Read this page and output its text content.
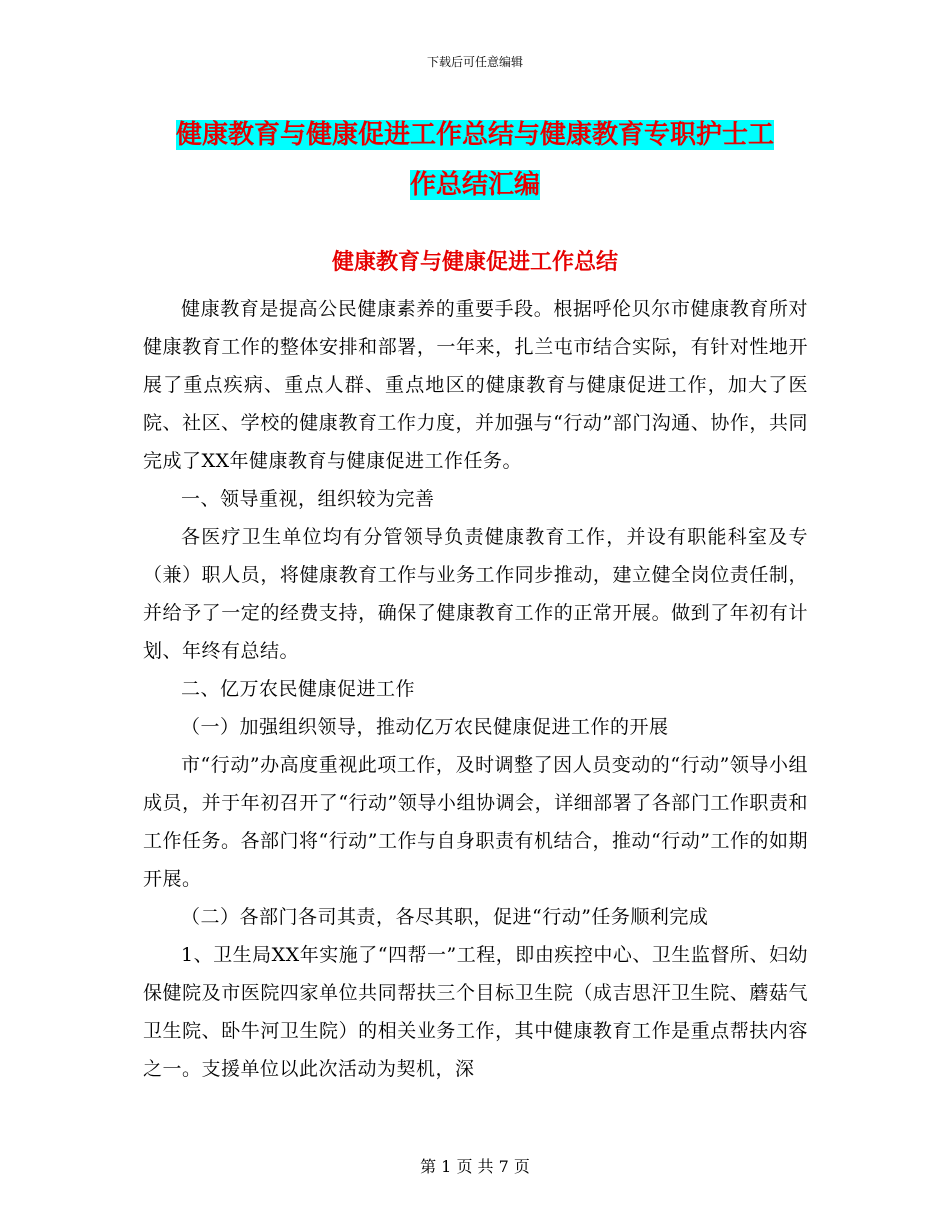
下载后可任意编辑
健康教育与健康促进工作总结与健康教育专职护士工
作总结汇编
健康教育与健康促进工作总结

健康教育是提高公民健康素养的重要手段。根据呼伦贝尔市健康教育所对健康教育工作的整体安排和部署，一年来，扎兰屯市结合实际，有针对性地开展了重点疾病、重点人群、重点地区的健康教育与健康促进工作，加大了医院、社区、学校的健康教育工作力度，并加强与“行动”部门沟通、协作，共同完成了XX年健康教育与健康促进工作任务。

一、领导重视，组织较为完善

各医疗卫生单位均有分管领导负责健康教育工作，并设有职能科室及专（兼）职人员，将健康教育工作与业务工作同步推动，建立健全岗位责任制，并给予了一定的经费支持，确保了健康教育工作的正常开展。做到了年初有计划、年终有总结。

二、亿万农民健康促进工作

（一）加强组织领导，推动亿万农民健康促进工作的开展

市“行动”办高度重视此项工作，及时调整了因人员变动的“行动”领导小组成员，并于年初召开了“行动”领导小组协调会，详细部署了各部门工作职责和工作任务。各部门将“行动”工作与自身职责有机结合，推动“行动”工作的如期开展。

（二）各部门各司其责，各尽其职，促进“行动”任务顺利完成

1、卫生局XX年实施了“四帮一”工程，即由疾控中心、卫生监督所、妇幼保健院及市医院四家单位共同帮扶三个目标卫生院（成吉思汗卫生院、蘑菇气卫生院、卧牛河卫生院）的相关业务工作，其中健康教育工作是重点帮扶内容之一。支援单位以此次活动为契机，深

第 1 页 共 7 页
